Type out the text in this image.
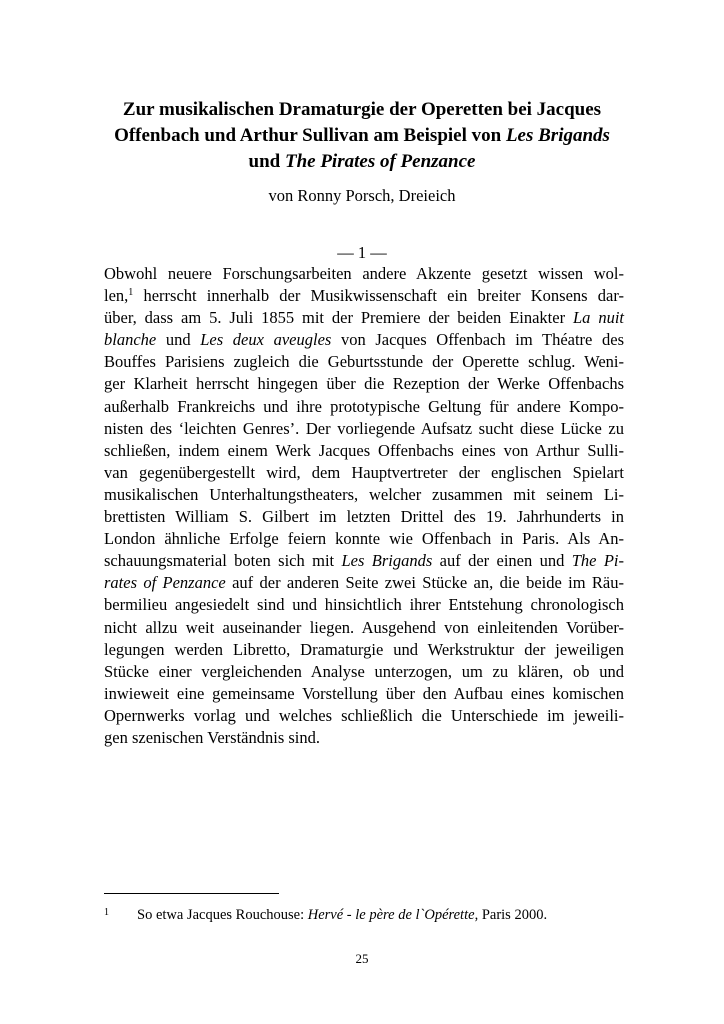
Zur musikalischen Dramaturgie der Operetten bei Jacques
Offenbach und Arthur Sullivan am Beispiel von Les Brigands
und The Pirates of Penzance

von Ronny Porsch, Dreieich

— 1 —

Obwohl neuere Forschungsarbeiten andere Akzente gesetzt wissen wol-
len,$^1$ herrscht innerhalb der Musikwissenschaft ein breiter Konsens dar-
über, dass am 5. Juli 1855 mit der Premiere der beiden Einakter La nuit
blanche und Les deux aveugles von Jacques Offenbach im Théatre des
Bouffes Parisiens zugleich die Geburtsstunde der Operette schlug. Weni-
ger Klarheit herrscht hingegen über die Rezeption der Werke Offenbachs
außerhalb Frankreichs und ihre prototypische Geltung für andere Kompo-
nisten des ‘leichten Genres’. Der vorliegende Aufsatz sucht diese Lücke zu
schließen, indem einem Werk Jacques Offenbachs eines von Arthur Sulli-
van gegenübergestellt wird, dem Hauptvertreter der englischen Spielart
musikalischen Unterhaltungstheaters, welcher zusammen mit seinem Li-
brettisten William S. Gilbert im letzten Drittel des 19. Jahrhunderts in
London ähnliche Erfolge feiern konnte wie Offenbach in Paris. Als An-
schauungsmaterial boten sich mit Les Brigands auf der einen und The Pi-
rates of Penzance auf der anderen Seite zwei Stücke an, die beide im Räu-
bermilieu angesiedelt sind und hinsichtlich ihrer Entstehung chronologisch
nicht allzu weit auseinander liegen. Ausgehend von einleitenden Vorüber-
legungen werden Libretto, Dramaturgie und Werkstruktur der jeweiligen
Stücke einer vergleichenden Analyse unterzogen, um zu klären, ob und
inwieweit eine gemeinsame Vorstellung über den Aufbau eines komischen
Opernwerks vorlag und welches schließlich die Unterschiede im jeweili-
gen szenischen Verständnis sind.
1 So etwa Jacques Rouchouse: Hervé - le père de l`Opérette, Paris 2000.

25
